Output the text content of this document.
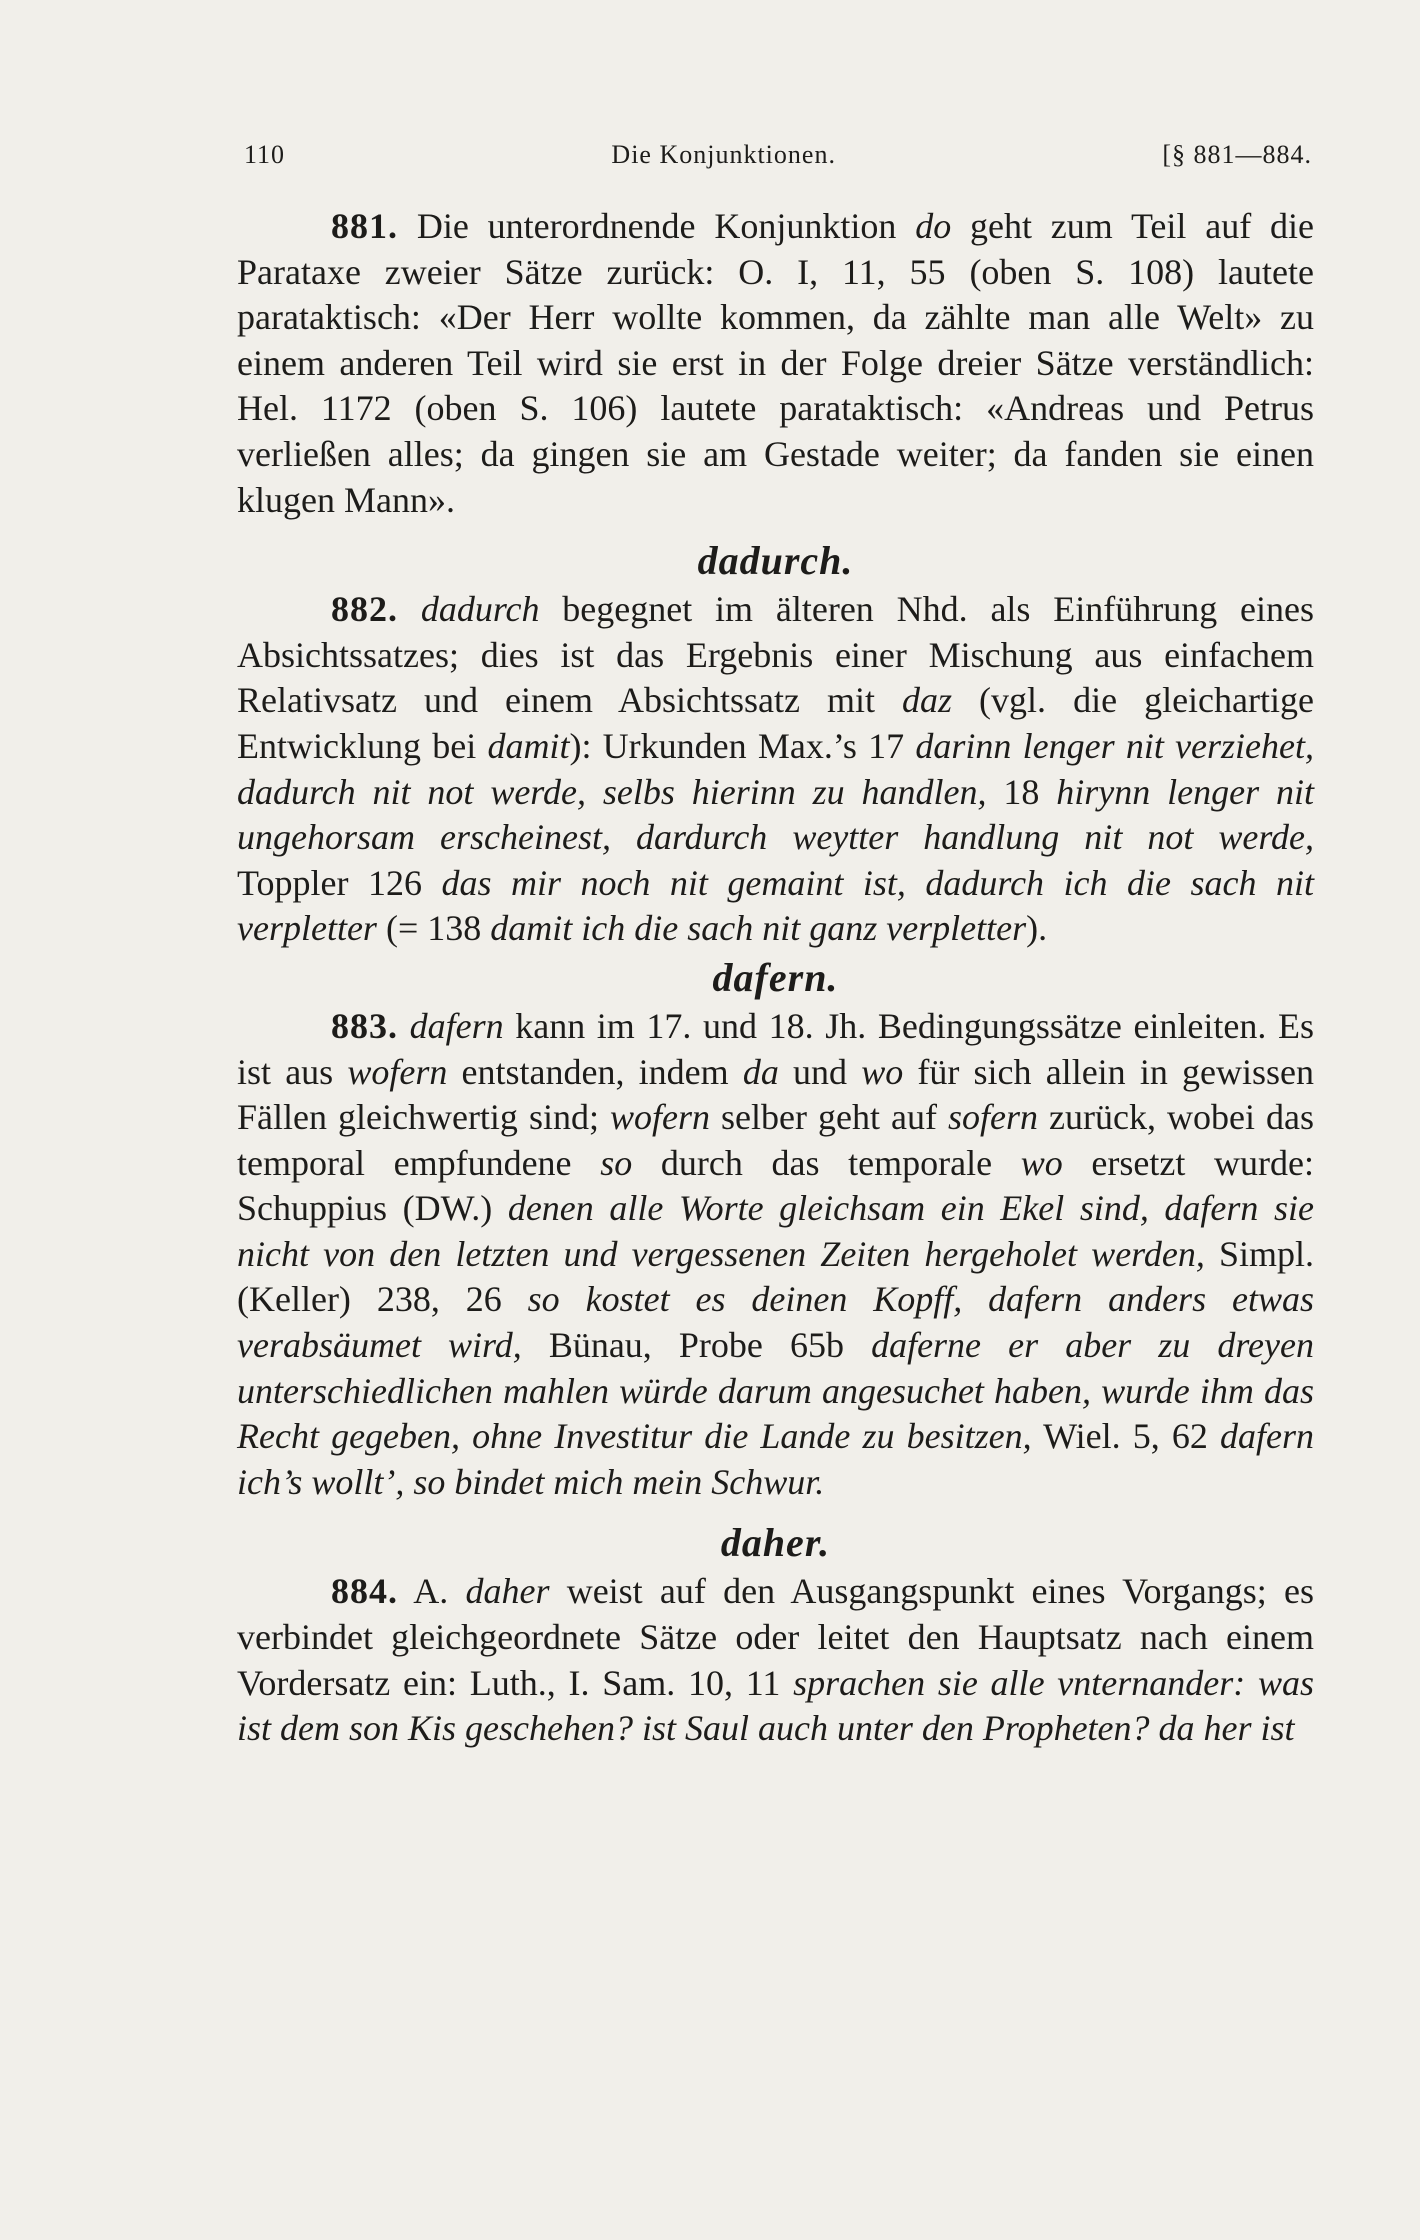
110	Die Konjunktionen.	[§ 881—884.

881. Die unterordnende Konjunktion do geht zum Teil auf die Parataxe zweier Sätze zurück: O. I, 11, 55 (oben S. 108) lautete parataktisch: «Der Herr wollte kommen, da zählte man alle Welt» zu einem anderen Teil wird sie erst in der Folge dreier Sätze verständlich: Hel. 1172 (oben S. 106) lautete parataktisch: «Andreas und Petrus verließen alles; da gingen sie am Gestade weiter; da fanden sie einen klugen Mann».

dadurch.

882. dadurch begegnet im älteren Nhd. als Einführung eines Absichtssatzes; dies ist das Ergebnis einer Mischung aus einfachem Relativsatz und einem Absichtssatz mit daz (vgl. die gleichartige Entwicklung bei damit): Urkunden Max.’s 17 darinn lenger nit verziehet, dadurch nit not werde, selbs hierinn zu handlen, 18 hirynn lenger nit ungehorsam erscheinest, dardurch weytter handlung nit not werde, Toppler 126 das mir noch nit gemaint ist, dadurch ich die sach nit verpletter (= 138 damit ich die sach nit ganz verpletter).

dafern.

883. dafern kann im 17. und 18. Jh. Bedingungssätze einleiten. Es ist aus wofern entstanden, indem da und wo für sich allein in gewissen Fällen gleichwertig sind; wofern selber geht auf sofern zurück, wobei das temporal empfundene so durch das temporale wo ersetzt wurde: Schuppius (DW.) denen alle Worte gleichsam ein Ekel sind, dafern sie nicht von den letzten und vergessenen Zeiten hergeholet werden, Simpl. (Keller) 238, 26 so kostet es deinen Kopff, dafern anders etwas verabsäumet wird, Bünau, Probe 65b daferne er aber zu dreyen unterschiedlichen mahlen würde darum angesuchet haben, wurde ihm das Recht gegeben, ohne Investitur die Lande zu besitzen, Wiel. 5, 62 dafern ich’s wollt’, so bindet mich mein Schwur.

daher.

884. A. daher weist auf den Ausgangspunkt eines Vorgangs; es verbindet gleichgeordnete Sätze oder leitet den Hauptsatz nach einem Vordersatz ein: Luth., I. Sam. 10, 11 sprachen sie alle vnternander: was ist dem son Kis geschehen? ist Saul auch unter den Propheten? da her ist
